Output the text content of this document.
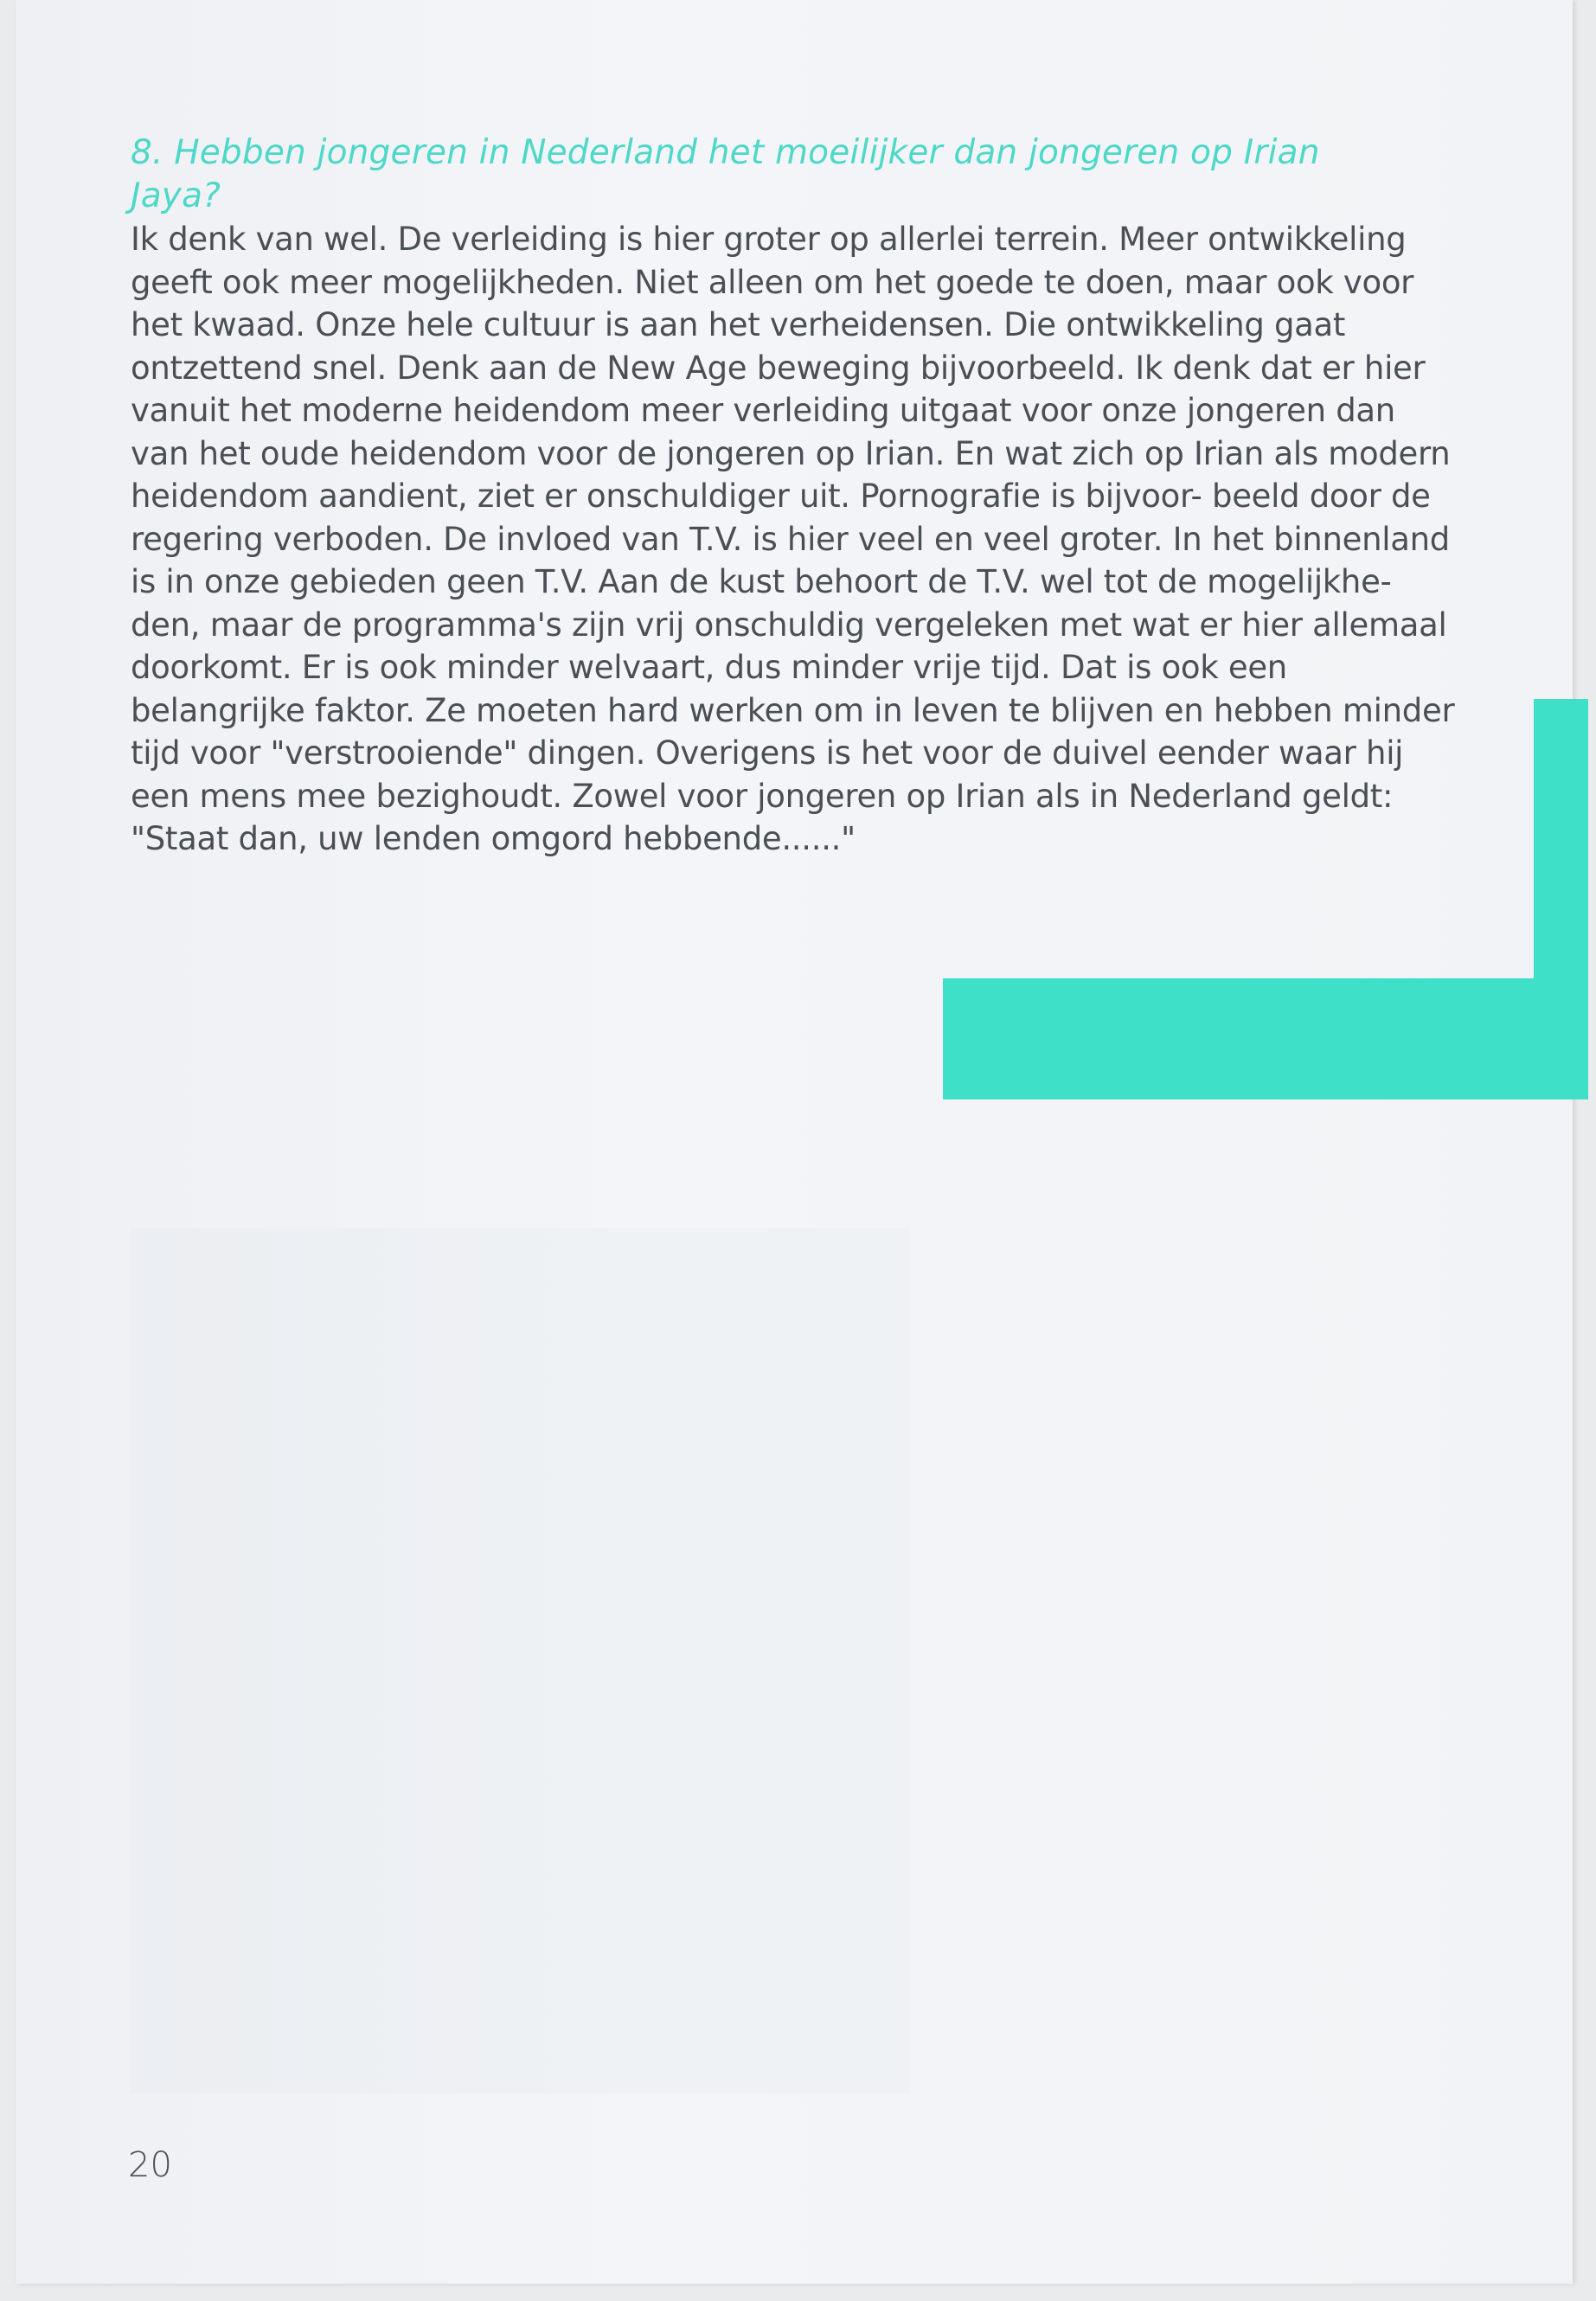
8. Hebben jongeren in Nederland het moeilijker dan jongeren op Irian Jaya?

Ik denk van wel. De verleiding is hier groter op allerlei terrein. Meer ontwikkeling geeft ook meer mogelijkheden. Niet alleen om het goede te doen, maar ook voor het kwaad. Onze hele cultuur is aan het verheidensen. Die ontwikkeling gaat ontzettend snel. Denk aan de New Age beweging bijvoorbeeld. Ik denk dat er hier vanuit het moderne heidendom meer verleiding uitgaat voor onze jongeren dan van het oude heidendom voor de jongeren op Irian. En wat zich op Irian als modern heidendom aandient, ziet er onschuldiger uit. Pornografie is bijvoor- beeld door de regering verboden. De invloed van T.V. is hier veel en veel groter. In het binnenland is in onze gebieden geen T.V. Aan de kust behoort de T.V. wel tot de mogelijkhe- den, maar de programma's zijn vrij onschuldig vergeleken met wat er hier allemaal doorkomt. Er is ook minder welvaart, dus minder vrije tijd. Dat is ook een belangrijke faktor. Ze moeten hard werken om in leven te blijven en hebben minder tijd voor "verstrooiende" dingen. Overigens is het voor de duivel eender waar hij een mens mee bezighoudt. Zowel voor jongeren op Irian als in Nederland geldt: "Staat dan, uw lenden omgord hebbende......"

20
